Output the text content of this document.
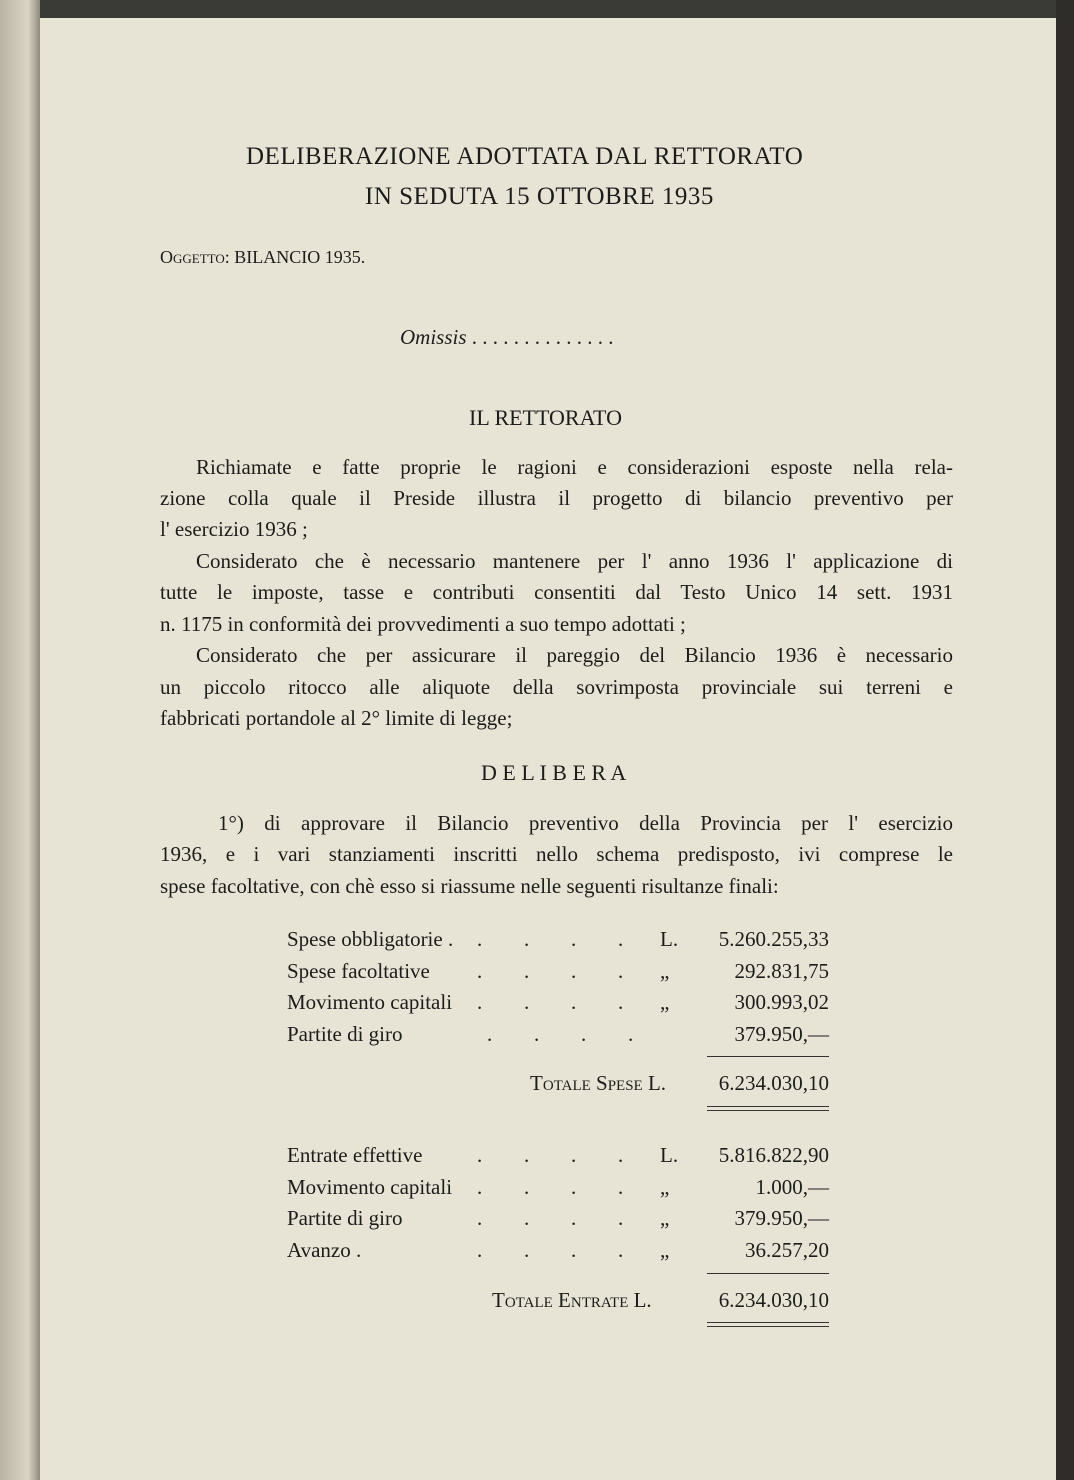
DELIBERAZIONE ADOTTATA DAL RETTORATO
IN SEDUTA 15 OTTOBRE 1935
Oggetto: BILANCIO 1935.
Omissis . . . . . . . . . . . . . .
IL RETTORATO
Richiamate e fatte proprie le ragioni e considerazioni esposte nella rela-
zione colla quale il Preside illustra il progetto di bilancio preventivo per
l' esercizio 1936 ;
Considerato che è necessario mantenere per l' anno 1936 l' applicazione di
tutte le imposte, tasse e contributi consentiti dal Testo Unico 14 sett. 1931
n. 1175 in conformità dei provvedimenti a suo tempo adottati ;
Considerato che per assicurare il pareggio del Bilancio 1936 è necessario
un piccolo ritocco alle aliquote della sovrimposta provinciale sui terreni e
fabbricati portandole al 2° limite di legge;
D E L I B E R A
1°) di approvare il Bilancio preventivo della Provincia per l' esercizio
1936, e i vari stanziamenti inscritti nello schema predisposto, ivi comprese le
spese facoltative, con chè esso si riassume nelle seguenti risultanze finali:
Spese obbligatorie . . . . . L. 5.260.255,33
Spese facoltative . . . . „	292.831,75
Movimento capitali . . . . „	300.993,02
Partite di giro	. . . .	379.950,—
Totale Spese L.	6.234.030,10
Entrate effettive	. . . . L. 5.816.822,90
Movimento capitali . . . . „	1.000,—
Partite di giro	. . . . „	379.950,—
Avanzo .	. . . . „	36.257,20
Totale Entrate L.	6.234.030,10
